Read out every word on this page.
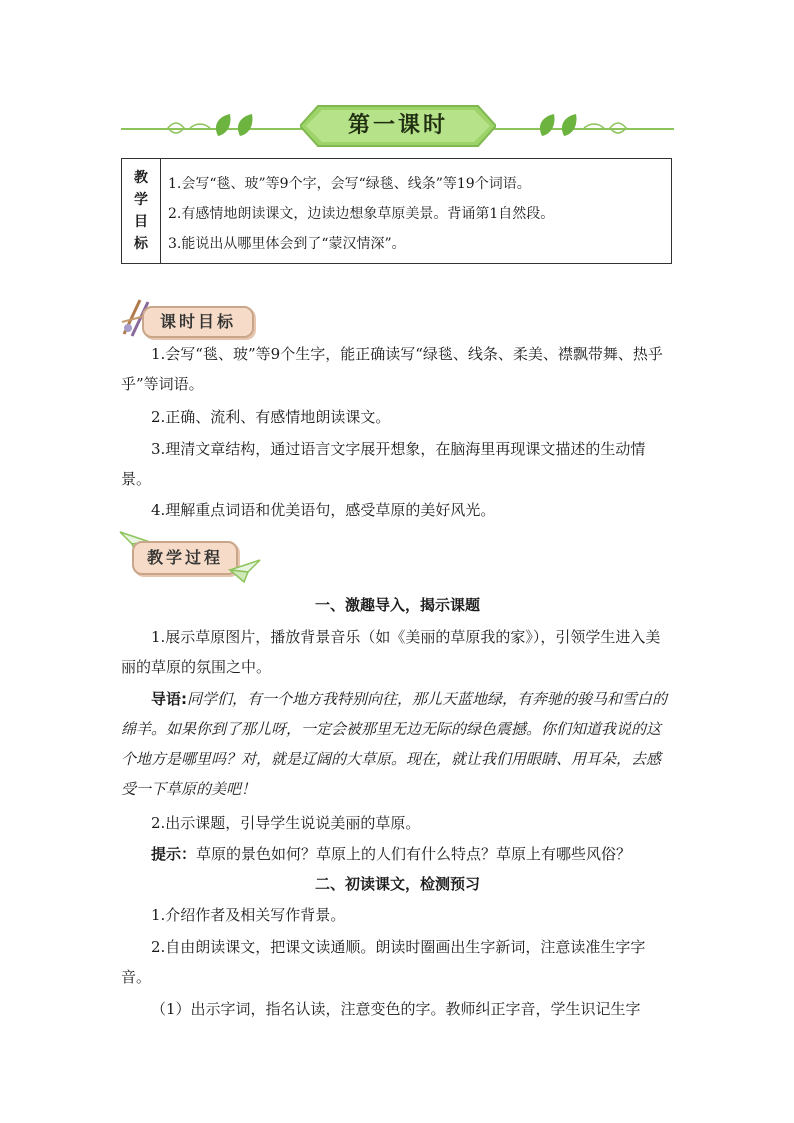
第一课时
教
学
目
标
1.会写“毯、玻”等9个字，会写“绿毯、线条”等19个词语。
2.有感情地朗读课文，边读边想象草原美景。背诵第1自然段。
3.能说出从哪里体会到了“蒙汉情深”。
课时目标
1.会写“毯、玻”等9个生字，能正确读写“绿毯、线条、柔美、襟飘带舞、热乎乎”等词语。
2.正确、流利、有感情地朗读课文。
3.理清文章结构，通过语言文字展开想象，在脑海里再现课文描述的生动情景。
4.理解重点词语和优美语句，感受草原的美好风光。
教学过程
一、激趣导入，揭示课题
1.展示草原图片，播放背景音乐（如《美丽的草原我的家》），引领学生进入美丽的草原的氛围之中。
导语:同学们，有一个地方我特别向往，那儿天蓝地绿，有奔驰的骏马和雪白的绵羊。如果你到了那儿呀，一定会被那里无边无际的绿色震撼。你们知道我说的这个地方是哪里吗？对，就是辽阔的大草原。现在，就让我们用眼睛、用耳朵，去感受一下草原的美吧！
2.出示课题，引导学生说说美丽的草原。
提示：草原的景色如何？草原上的人们有什么特点？草原上有哪些风俗？
二、初读课文，检测预习
1.介绍作者及相关写作背景。
2.自由朗读课文，把课文读通顺。朗读时圈画出生字新词，注意读准生字字音。
（1）出示字词，指名认读，注意变色的字。教师纠正字音，学生识记生字
